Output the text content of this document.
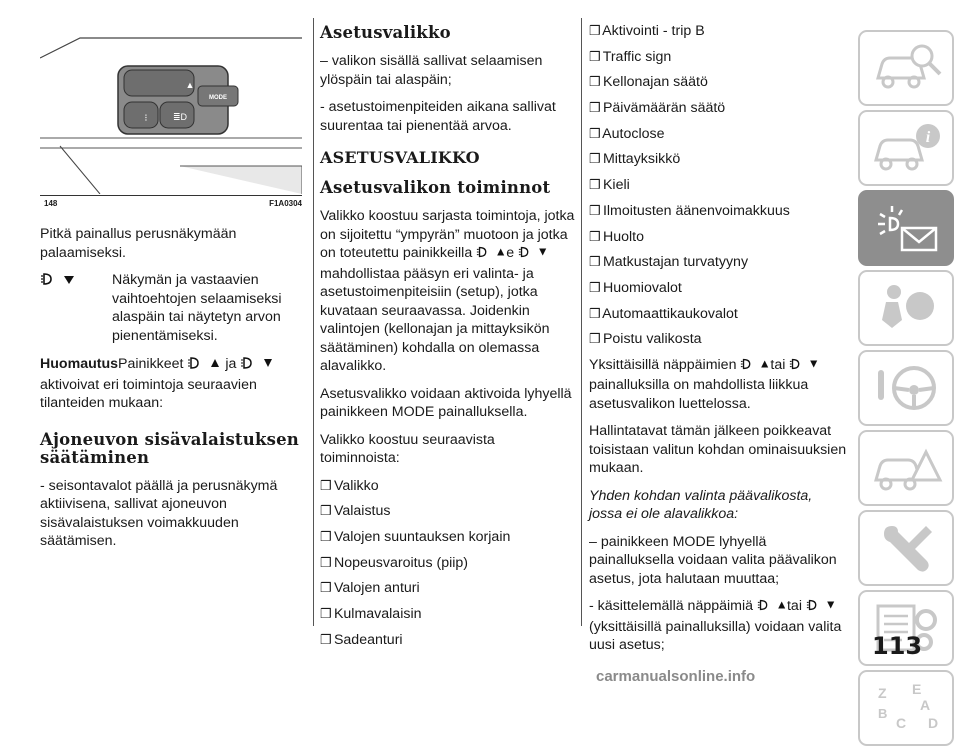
MODE
⁝	≣D
▲
148	F1A0304

Pitkä painallus perusnäkymään palaamiseksi.

Näkymän ja vastaavien vaihtoehtojen selaamiseksi alaspäin tai näytetyn arvon pienentämiseksi.

HuomautusPainikkeet	ja aktivoivat eri toimintoja seuraavien tilanteiden mukaan:

Ajoneuvon sisävalaistuksen säätäminen

- seisontavalot päällä ja perusnäkymä aktiivisena, sallivat ajoneuvon sisävalaistuksen voimakkuuden säätämisen.

Asetusvalikko

– valikon sisällä sallivat selaamisen ylöspäin tai alaspäin;

- asetustoimenpiteiden aikana sallivat suurentaa tai pienentää arvoa.

ASETUSVALIKKO
Asetusvalikon toiminnot

Valikko koostuu sarjasta toimintoja, jotka on sijoitettu “ympyrän” muotoon ja jotka on toteutettu painikkeilla e mahdollistaa pääsyn eri valinta- ja asetustoimenpiteisiin (setup), jotka kuvataan seuraavassa. Joidenkin valintojen (kellonajan ja mittayksikön säätäminen) kohdalla on olemassa alavalikko.

Asetusvalikko voidaan aktivoida lyhyellä painikkeen MODE painalluksella.

Valikko koostuu seuraavista toiminnoista:

❒ Valikko

❒ Valaistus

❒ Valojen suuntauksen korjain

❒ Nopeusvaroitus (piip)

❒ Valojen anturi

❒ Kulmavalaisin

❒ Sadeanturi

❒ Aktivointi - trip B

❒ Traffic sign

❒ Kellonajan säätö

❒ Päivämäärän säätö

❒ Autoclose

❒ Mittayksikkö

❒ Kieli

❒ Ilmoitusten äänenvoimakkuus

❒ Huolto

❒ Matkustajan turvatyyny

❒ Huomiovalot

❒ Automaattikaukovalot

❒ Poistu valikosta

Yksittäisillä näppäimien tai painalluksilla on mahdollista liikkua asetusvalikon luettelossa.

Hallintatavat tämän jälkeen poikkeavat toisistaan valitun kohdan ominaisuuksien mukaan.

Yhden kohdan valinta päävalikosta, jossa ei ole alavalikkoa:

– painikkeen MODE lyhyellä painalluksella voidaan valita päävalikon asetus, jota halutaan muuttaa;

- käsittelemällä näppäimiä tai (yksittäisillä painalluksilla) voidaan valita uusi asetus;

i
Z E
A
B
C D
113
carmanualsonline.info
